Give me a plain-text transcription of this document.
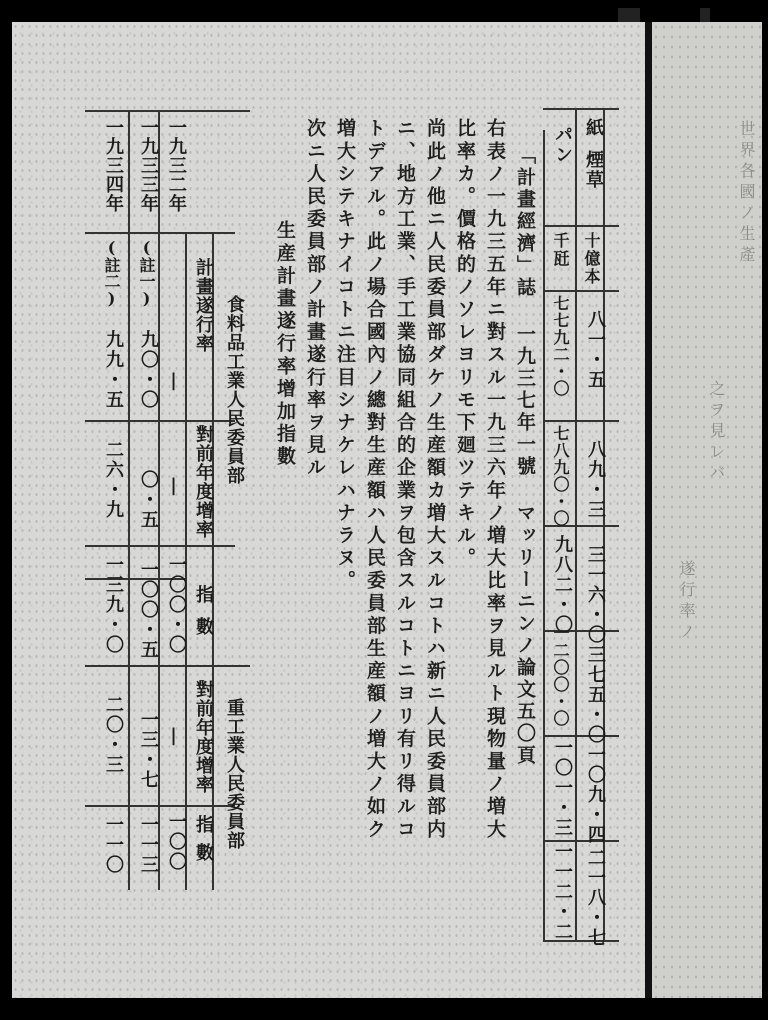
紙
煙草
十億本
八一・五
八九・三
三一六・〇
三七五・〇
一〇九・四
二一八・七
パン
千瓩
七七九二・〇
七八九〇・〇
九八二・〇
一二〇〇・〇
一〇一・三
一一二・二
「計畫經濟」誌 一九三七年一號 マッリーニンノ論文五〇頁
右表ノ一九三五年ニ對スル一九三六年ノ増大比率ヲ見ルト現物量ノ増大
比率カ。價格的ノソレヨリモ下廻ツテキル。
尚此ノ他ニ人民委員部ダケノ生産額カ増大スルコトハ新ニ人民委員部内
ニ、地方工業、手工業協同組合的企業ヲ包含スルコトニヨリ有リ得ルコ
トデアル。此ノ場合國內ノ總對生産額ハ人民委員部生産額ノ増大ノ如ク
増大シテキナイコトニ注目シナケレハナラヌ。
次ニ人民委員部ノ計畫遂行率ヲ見ル
生産計畫遂行率增加指數
食料品工業人民委員部
重工業人民委員部
計畫遂行率
對前年度增率
指數
對前年度增率
指數
一九三二年
|
|
一〇〇・〇
|
一〇〇
一九三三年
(註一)
九〇・〇
〇・五
一〇〇・五
一三・七
一一三
一九三四年
(註二)
九九・五
二六・九
一三九・〇
二〇・三
一一〇
世界各國ノ生產
之ヲ見レバ
遂行率ノ
